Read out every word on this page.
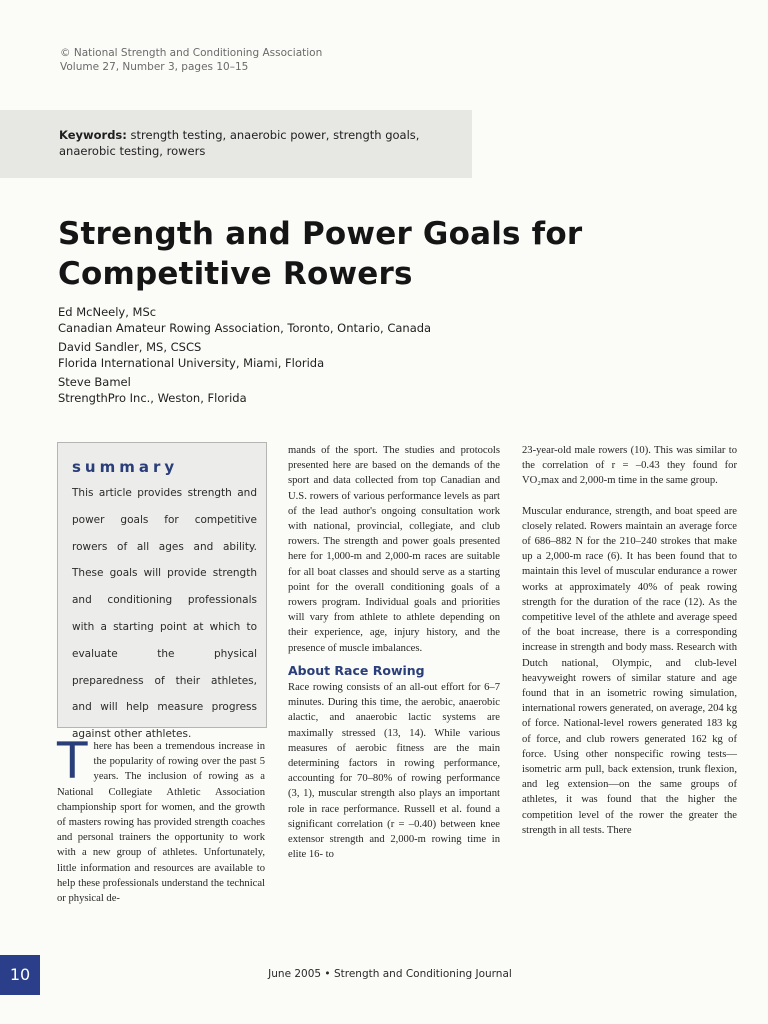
© National Strength and Conditioning Association
Volume 27, Number 3, pages 10–15
Keywords: strength testing, anaerobic power, strength goals,
anaerobic testing, rowers
Strength and Power Goals for
Competitive Rowers
Ed McNeely, MSc
Canadian Amateur Rowing Association, Toronto, Ontario, Canada
David Sandler, MS, CSCS
Florida International University, Miami, Florida
Steve Bamel
StrengthPro Inc., Weston, Florida
summary
This article provides strength and power goals for competitive rowers of all ages and ability. These goals will provide strength and conditioning professionals with a starting point at which to evaluate the physical preparedness of their athletes, and will help measure progress against other athletes.
T here has been a tremendous increase in the popularity of rowing over the past 5 years. The inclusion of rowing as a National Collegiate Athletic Association championship sport for women, and the growth of masters rowing has provided strength coaches and personal trainers the opportunity to work with a new group of athletes. Unfortunately, little information and resources are available to help these professionals understand the technical or physical de-

mands of the sport. The studies and protocols presented here are based on the demands of the sport and data collected from top Canadian and U.S. rowers of various performance levels as part of the lead author's ongoing consultation work with national, provincial, collegiate, and club rowers. The strength and power goals presented here for 1,000-m and 2,000-m races are suitable for all boat classes and should serve as a starting point for the overall conditioning goals of a rowers program. Individual goals and priorities will vary from athlete to athlete depending on their experience, age, injury history, and the presence of muscle imbalances.

About Race Rowing

Race rowing consists of an all-out effort for 6–7 minutes. During this time, the aerobic, anaerobic alactic, and anaerobic lactic systems are maximally stressed (13, 14). While various measures of aerobic fitness are the main determining factors in rowing performance, accounting for 70–80% of rowing performance (3, 1), muscular strength also plays an important role in race performance. Russell et al. found a significant correlation (r = –0.40) between knee extensor strength and 2,000-m rowing time in elite 16- to

23-year-old male rowers (10). This was similar to the correlation of r = –0.43 they found for VO₂max and 2,000-m time in the same group.

Muscular endurance, strength, and boat speed are closely related. Rowers maintain an average force of 686–882 N for the 210–240 strokes that make up a 2,000-m race (6). It has been found that to maintain this level of muscular endurance a rower works at approximately 40% of peak rowing strength for the duration of the race (12). As the competitive level of the athlete and average speed of the boat increase, there is a corresponding increase in strength and body mass. Research with Dutch national, Olympic, and club-level heavyweight rowers of similar stature and age found that in an isometric rowing simulation, international rowers generated, on average, 204 kg of force. National-level rowers generated 183 kg of force, and club rowers generated 162 kg of force. Using other nonspecific rowing tests—isometric arm pull, back extension, trunk flexion, and leg extension—on the same groups of athletes, it was found that the higher the competition level of the rower the greater the strength in all tests. There

10	June 2005 • Strength and Conditioning Journal
